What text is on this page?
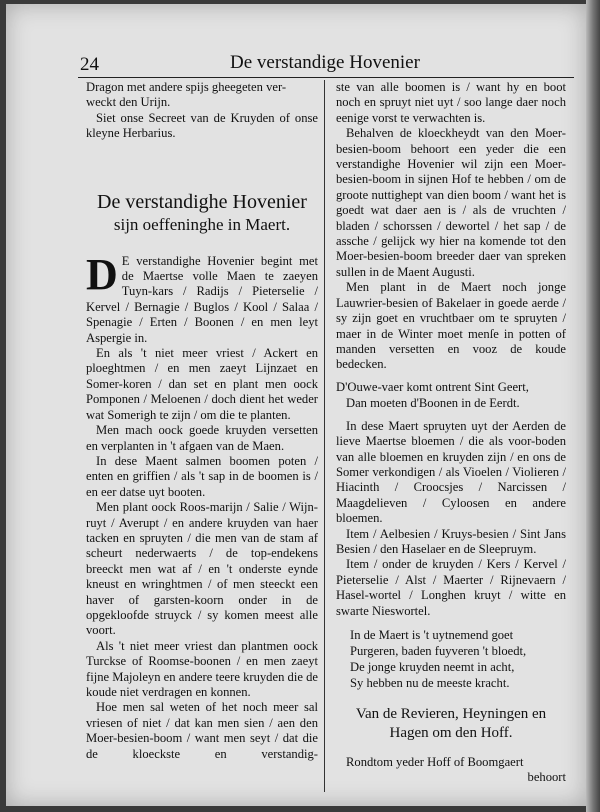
24	De verstandige Hovenier

Dragon met andere spijs gheegeten ver-

weckt den Urijn.

Siet onse Secreet van de Kruyden of onse kleyne Herbarius.

De verstandighe Hovenier
sijn oeffeninghe in Maert.
D E verstandighe Hovenier begint met de Maertse volle Maen te zaeyen Tuyn-kars / Radijs / Pieterselie / Kervel / Bernagie / Buglos / Kool / Salaa / Spenagie / Erten / Boonen / en men leyt Aspergie in.

En als 't niet meer vriest / Ackert en ploeghtmen / en men zaeyt Lijnzaet en Somer-koren / dan set en plant men oock Pomponen / Meloenen / doch dient het weder wat Somerigh te zijn / om die te planten.

Men mach oock goede kruyden versetten en verplanten in 't afgaen van de Maen.

In dese Maent salmen boomen poten / enten en griffien / als 't sap in de boomen is / en eer datse uyt booten.

Men plant oock Roos-marijn / Salie / Wijn-ruyt / Averupt / en andere kruyden van haer tacken en spruyten / die men van de stam af scheurt nederwaerts / de top-endekens breeckt men wat af / en 't onderste eynde kneust en wringhtmen / of men steeckt een haver of garsten-koorn onder in de opgekloofde struyck / sy komen meest alle voort.

Als 't niet meer vriest dan plantmen oock Turckse of Roomse-boonen / en men zaeyt fijne Majoleyn en andere teere kruyden die de koude niet verdragen en konnen.

Hoe men sal weten of het noch meer sal vriesen of niet / dat kan men sien / aen den Moer-besien-boom / want men seyt / dat die de kloeckste en verstandig-

ste van alle boomen is / want hy en boot noch en spruyt niet uyt / soo lange daer noch eenige vorst te verwachten is.

Behalven de kloeckheydt van den Moer-besien-boom behoort een yeder die een verstandighe Hovenier wil zijn een Moer-besien-boom in sijnen Hof te hebben / om de groote nuttighept van dien boom / want het is goedt wat daer aen is / als de vruchten / bladen / schorssen / dewortel / het sap / de assche / gelijck wy hier na komende tot den Moer-besien-boom breeder daer van spreken sullen in de Maent Augusti.

Men plant in de Maert noch jonge Lauwrier-besien of Bakelaer in goede aerde / sy zijn goet en vruchtbaer om te spruyten / maer in de Winter moet menſe in potten of manden versetten en vooz de koude bedecken.

D'Ouwe-vaer komt ontrent Sint Geert,
Dan moeten d'Boonen in de Eerdt.

In dese Maert spruyten uyt der Aerden de lieve Maertse bloemen / die als voor-boden van alle bloemen en kruyden zijn / en ons de Somer verkondigen / als Vioelen / Violieren / Hiacinth / Croocsjes / Narcissen / Maagdelieven / Cyloosen en andere bloemen.

Item / Aelbesien / Kruys-besien / Sint Jans Besien / den Haselaer en de Sleepruym.

Item / onder de kruyden / Kers / Kervel / Pieterselie / Alst / Maerter / Rijnevaern / Hasel-wortel / Longhen kruyt / witte en swarte Nieswortel.

In de Maert is 't uytnemend goet
Purgeren, baden fuyveren 't bloedt,
De jonge kruyden neemt in acht,
Sy hebben nu de meeste kracht.
Van de Revieren, Heyningen en
Hagen om den Hoff.

Rondtom yeder Hoff of Boomgaert

behoort
